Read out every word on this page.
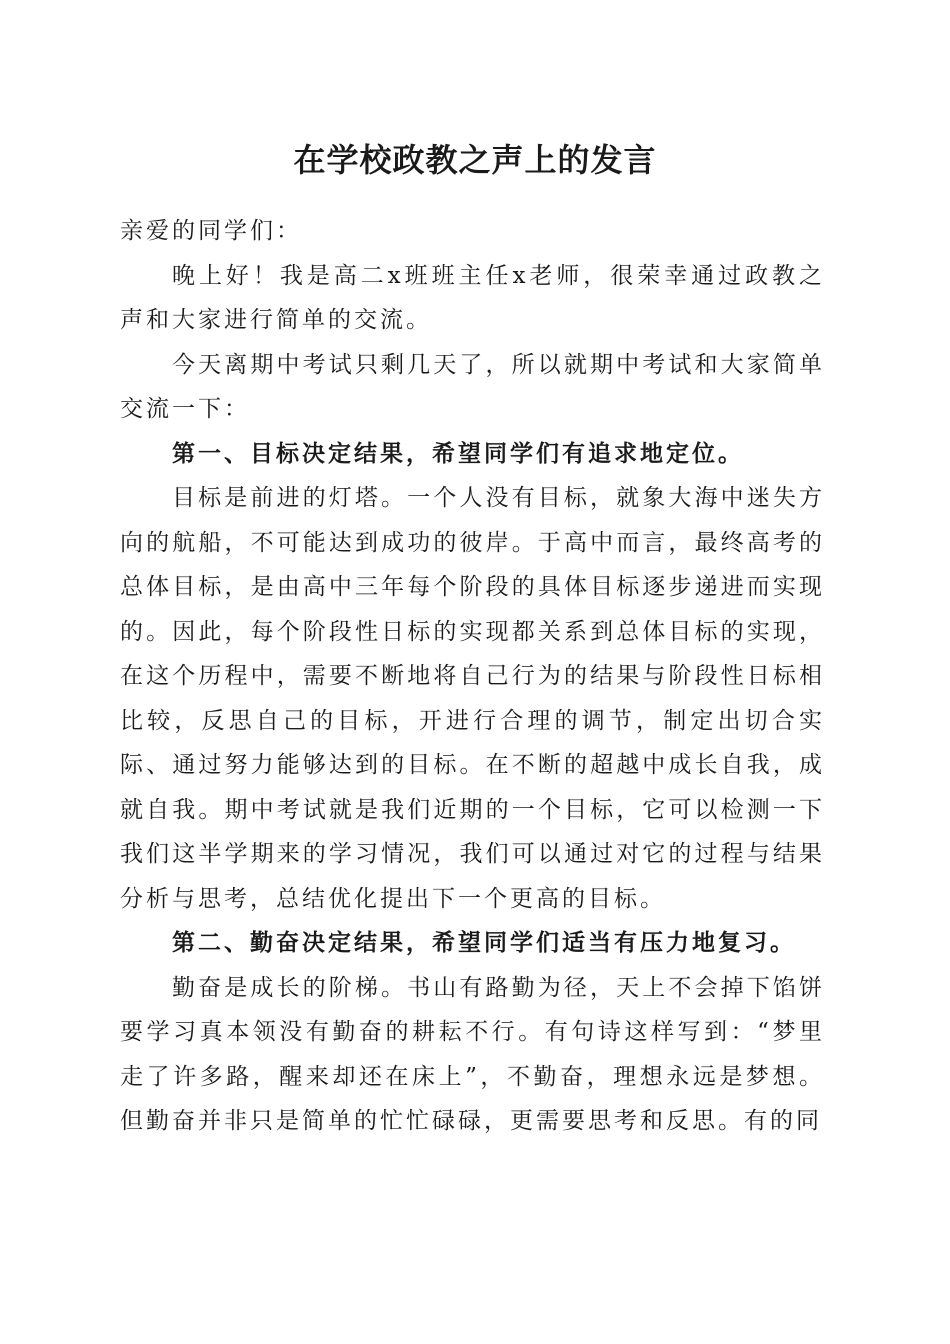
在学校政教之声上的发言

亲爱的同学们：

晚上好！我是高二x班班主任x老师，很荣幸通过政教之声和大家进行简单的交流。

今天离期中考试只剩几天了，所以就期中考试和大家简单交流一下：

第一、目标决定结果，希望同学们有追求地定位。

目标是前进的灯塔。一个人没有目标，就象大海中迷失方向的航船，不可能达到成功的彼岸。于高中而言，最终高考的总体目标，是由高中三年每个阶段的具体目标逐步递进而实现的。因此，每个阶段性日标的实现都关系到总体目标的实现，在这个历程中，需要不断地将自己行为的结果与阶段性日标相比较，反思自己的目标，开进行合理的调节，制定出切合实际、通过努力能够达到的目标。在不断的超越中成长自我，成就自我。期中考试就是我们近期的一个目标，它可以检测一下我们这半学期来的学习情况，我们可以通过对它的过程与结果分析与思考，总结优化提出下一个更高的目标。

第二、勤奋决定结果，希望同学们适当有压力地复习。

勤奋是成长的阶梯。书山有路勤为径，天上不会掉下馅饼要学习真本领没有勤奋的耕耘不行。有句诗这样写到：“梦里走了许多路，醒来却还在床上”，不勤奋，理想永远是梦想。但勤奋并非只是简单的忙忙碌碌，更需要思考和反思。有的同
